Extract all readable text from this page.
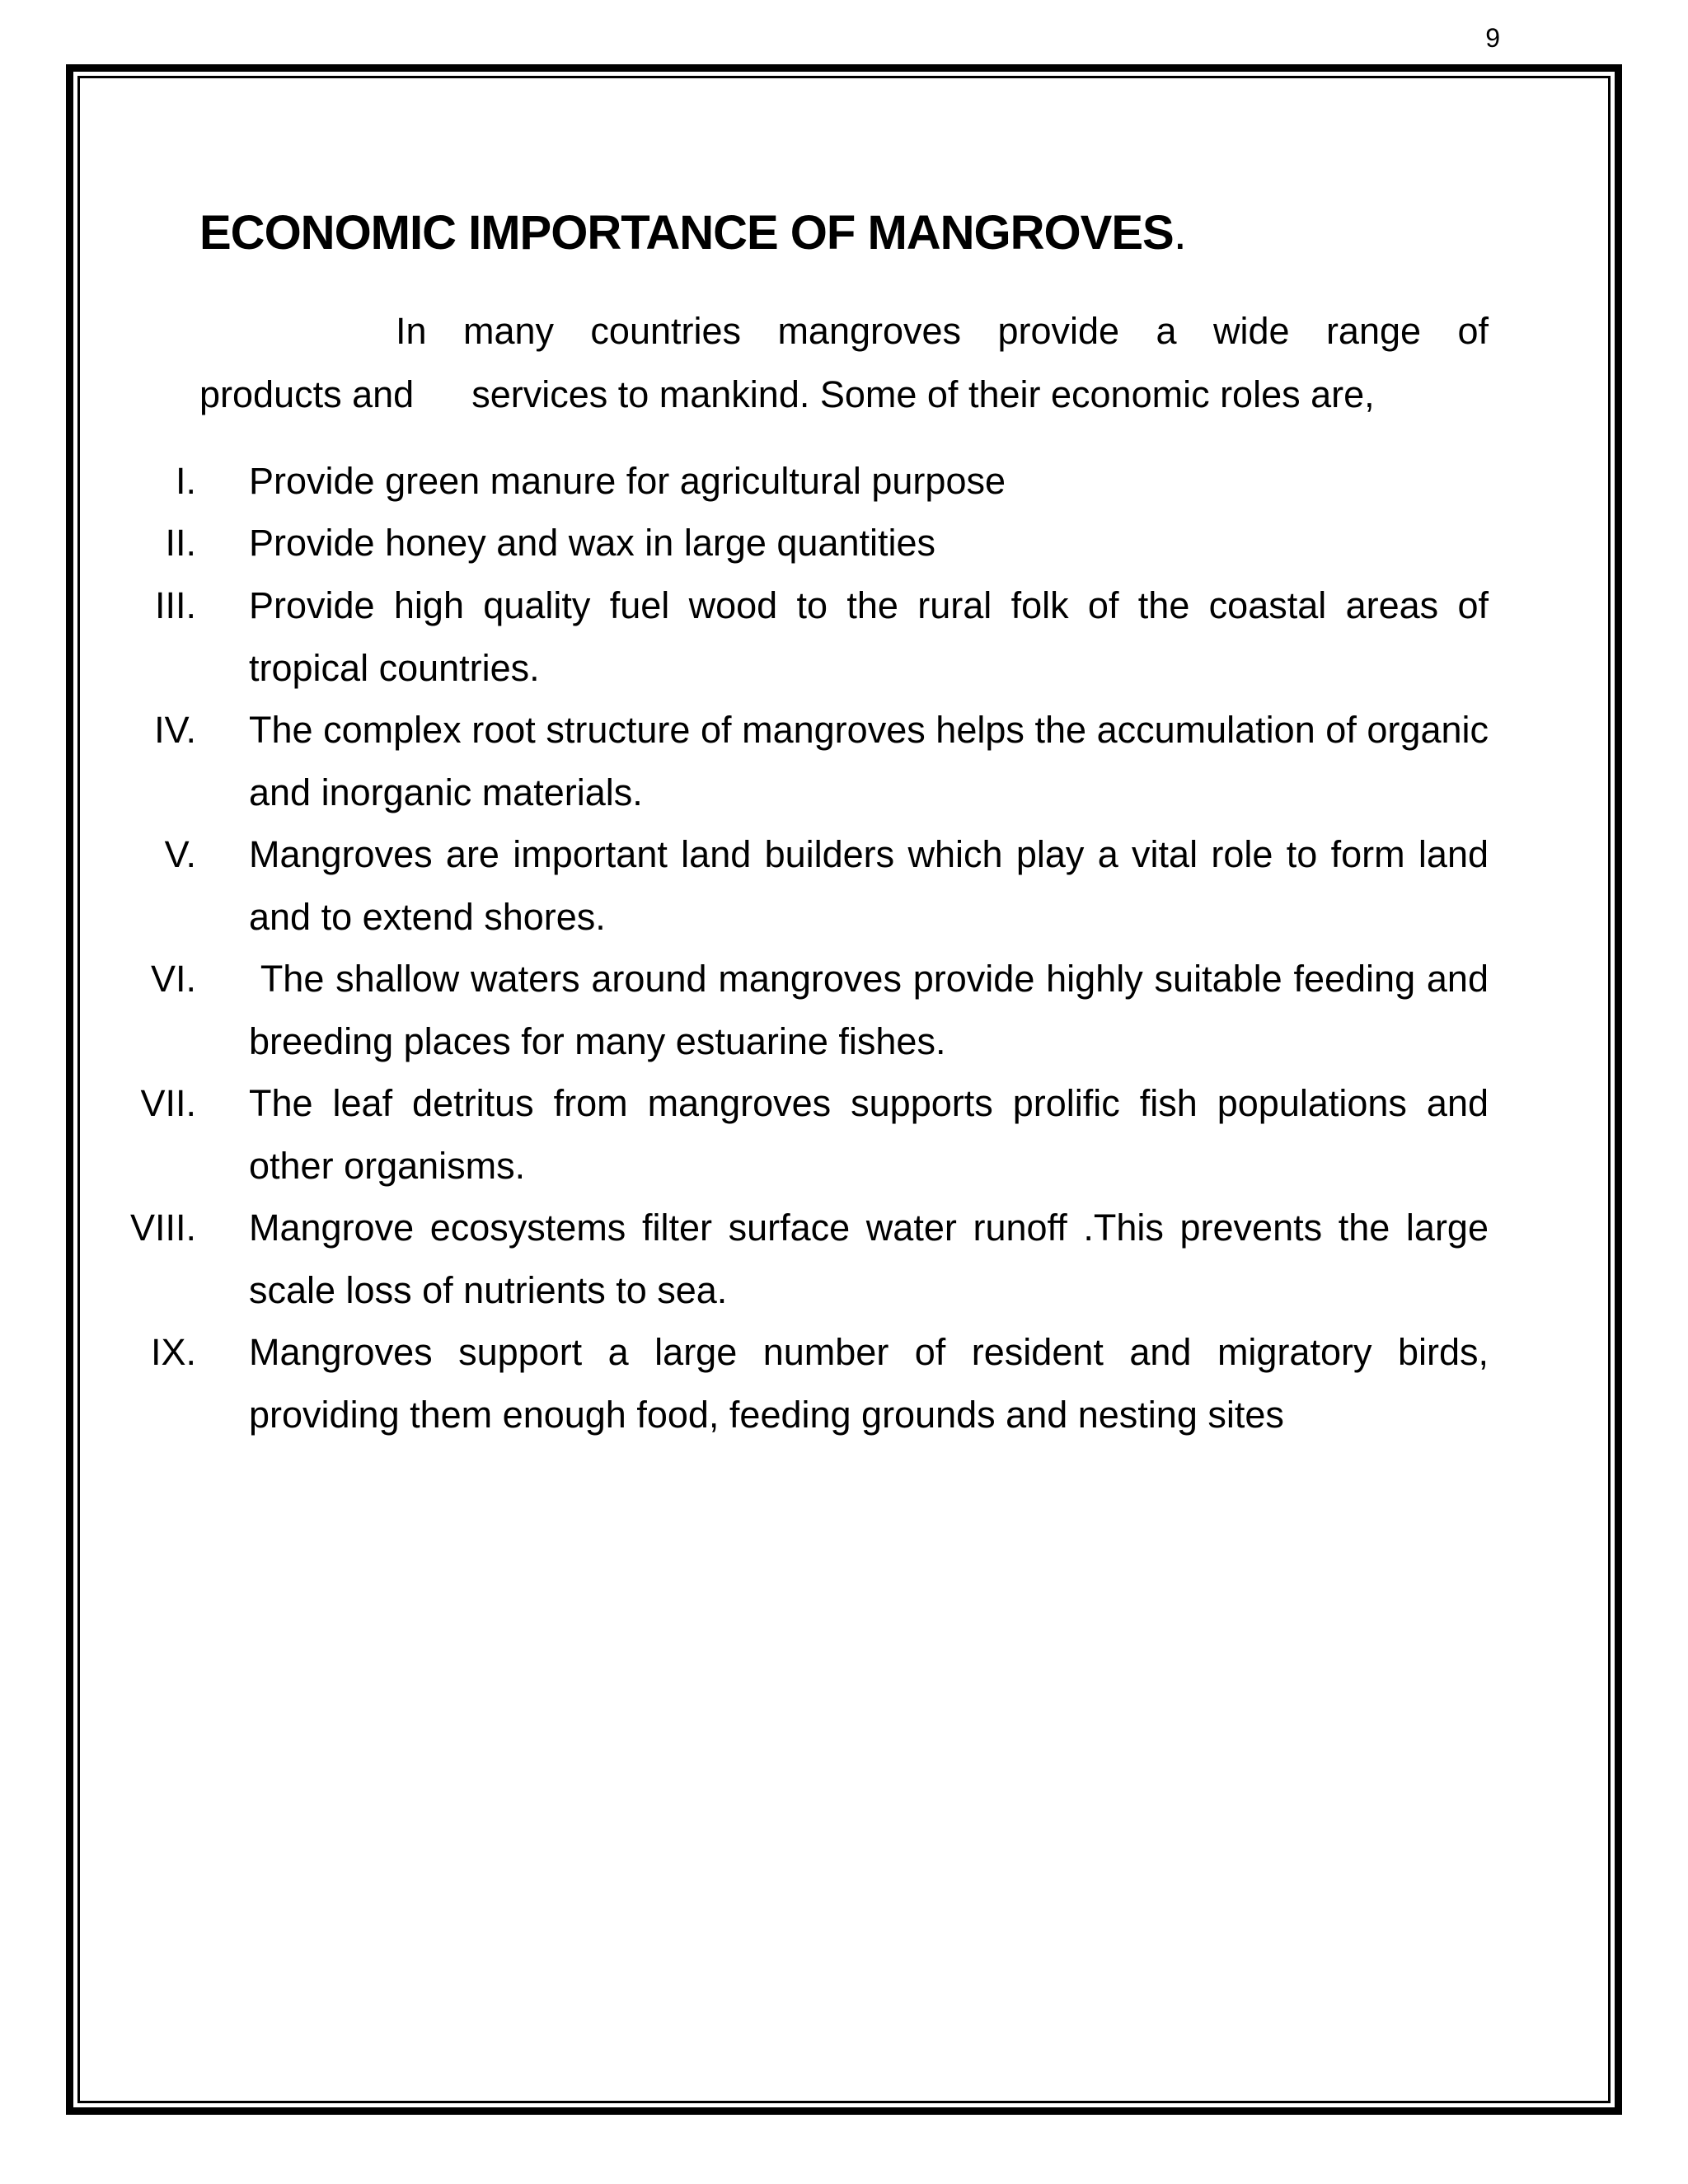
9
ECONOMIC IMPORTANCE OF MANGROVES.
In many countries mangroves provide a wide range of
products and services to mankind. Some of their economic roles are,
I. Provide green manure for agricultural purpose
II. Provide honey and wax in large quantities
III. Provide high quality fuel wood to the rural folk of the coastal areas of tropical countries.
IV. The complex root structure of mangroves helps the accumulation of organic and inorganic materials.
V. Mangroves are important land builders which play a vital role to form land and to extend shores.
VI. The shallow waters around mangroves provide highly suitable feeding and breeding places for many estuarine fishes.
VII. The leaf detritus from mangroves supports prolific fish populations and other organisms.
VIII. Mangrove ecosystems filter surface water runoff .This prevents the large scale loss of nutrients to sea.
IX. Mangroves support a large number of resident and migratory birds, providing them enough food, feeding grounds and nesting sites
